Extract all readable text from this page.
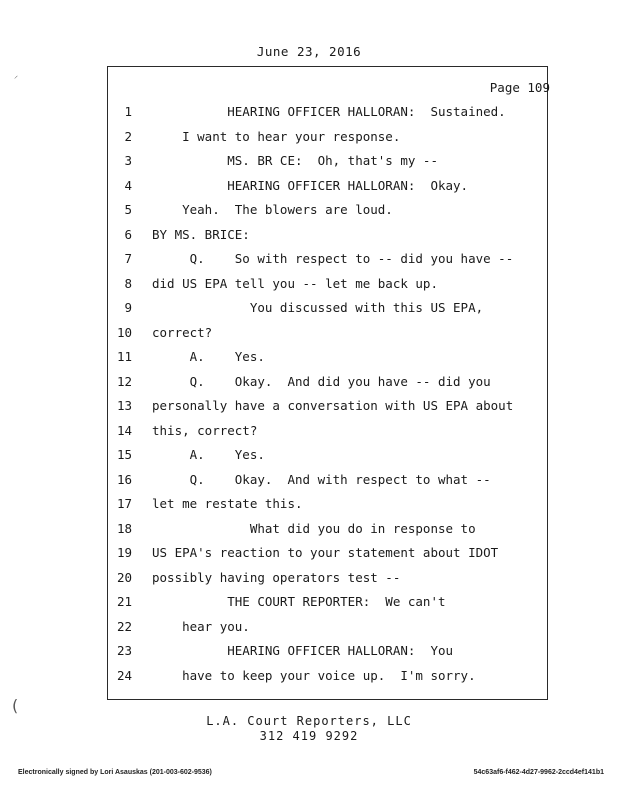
June 23, 2016
Page 109
1 HEARING OFFICER HALLORAN:  Sustained.
2 I want to hear your response.
3 MS. BR CE:  Oh, that's my --
4 HEARING OFFICER HALLORAN:  Okay.
5 Yeah.  The blowers are loud.
6 BY MS. BRICE:
7 Q.    So with respect to -- did you have --
8 did US EPA tell you -- let me back up.
9 You discussed with this US EPA,
10 correct?
11 A.    Yes.
12 Q.    Okay.  And did you have -- did you
13 personally have a conversation with US EPA about
14 this, correct?
15 A.    Yes.
16 Q.    Okay.  And with respect to what --
17 let me restate this.
18 What did you do in response to
19 US EPA's reaction to your statement about IDOT
20 possibly having operators test --
21 THE COURT REPORTER:  We can't
22 hear you.
23 HEARING OFFICER HALLORAN:  You
24 have to keep your voice up.  I'm sorry.
L.A. Court Reporters, LLC
312 419 9292
Electronically signed by Lori Asauskas (201-003-602-9536)	54c63af6-f462-4d27-9962-2ccd4ef141b1
⸝
(
